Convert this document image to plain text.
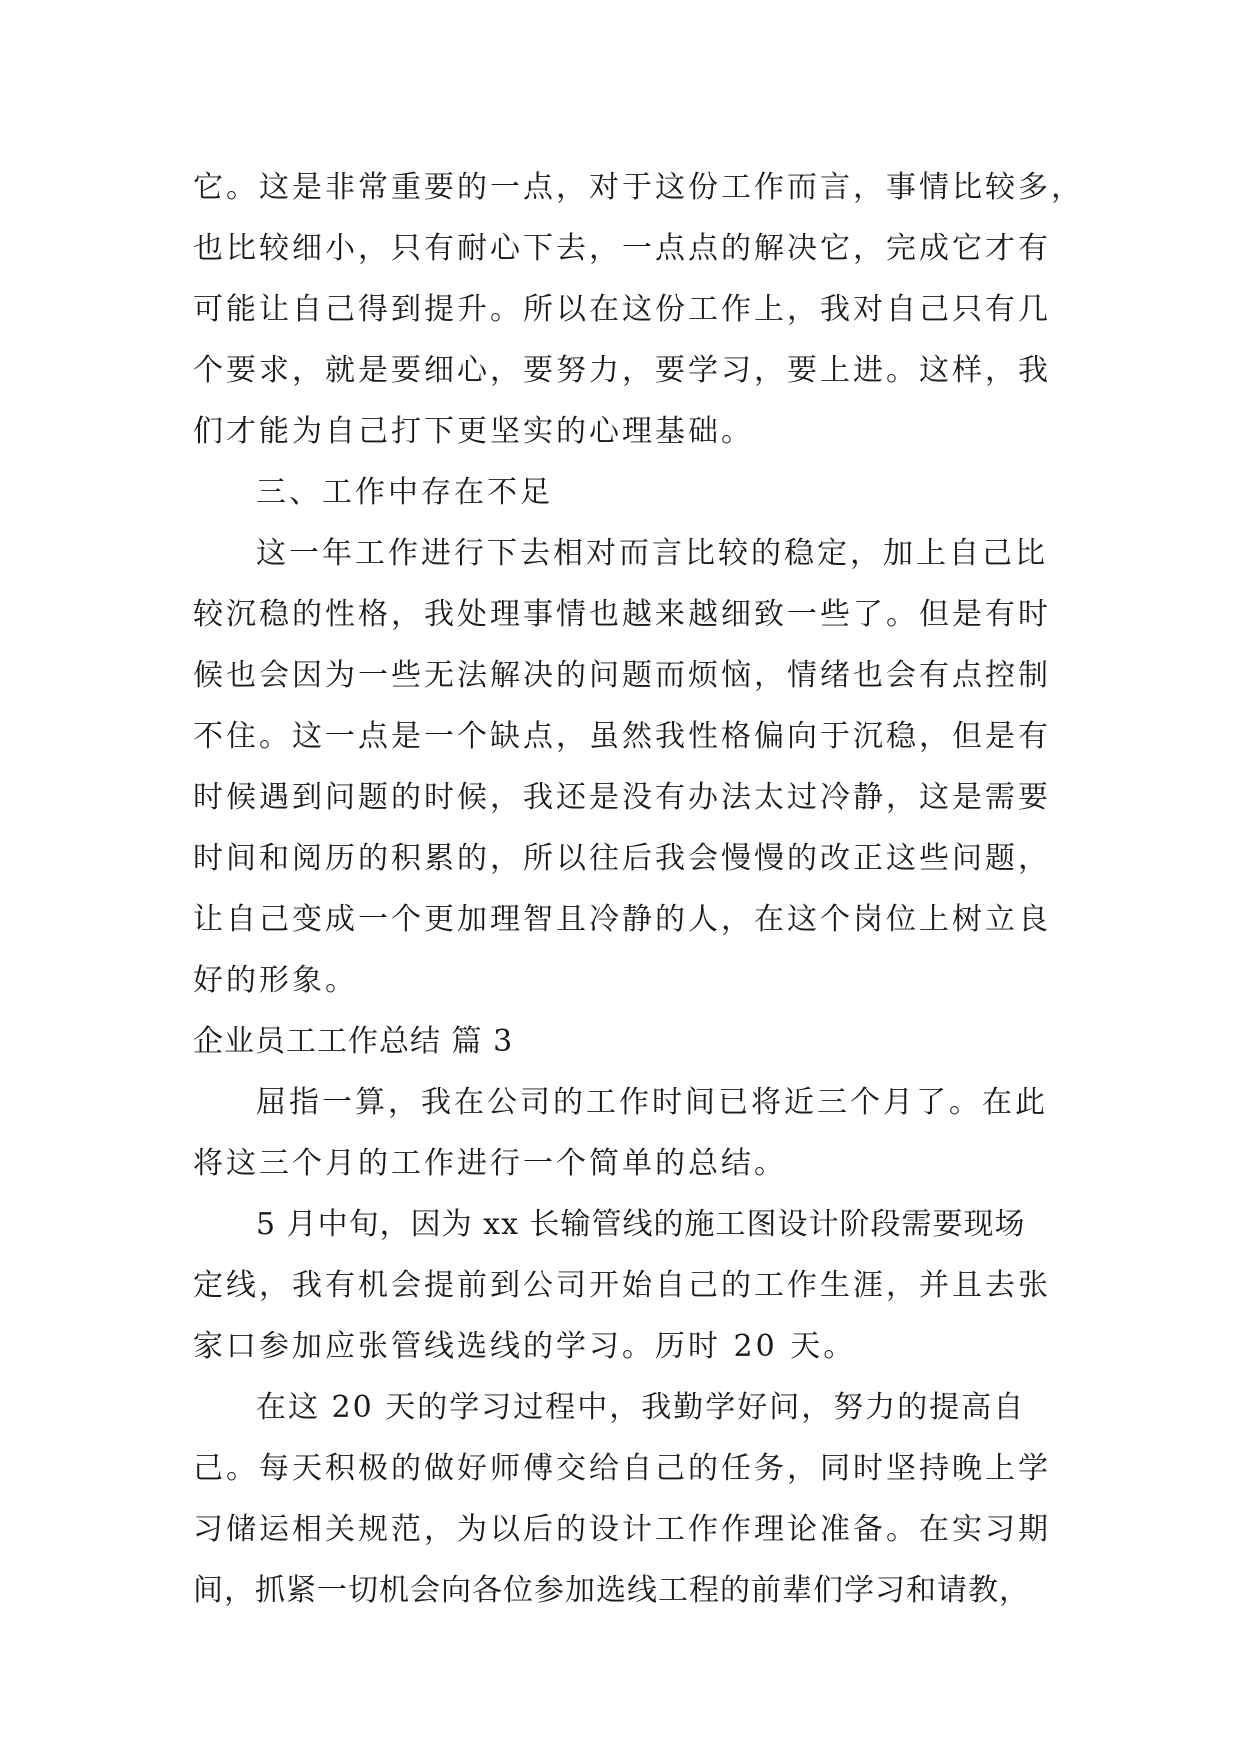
它。这是非常重要的一点，对于这份工作而言，事情比较多，
也比较细小，只有耐心下去，一点点的解决它，完成它才有
可能让自己得到提升。所以在这份工作上，我对自己只有几
个要求，就是要细心，要努力，要学习，要上进。这样，我
们才能为自己打下更坚实的心理基础。
三、工作中存在不足
这一年工作进行下去相对而言比较的稳定，加上自己比
较沉稳的性格，我处理事情也越来越细致一些了。但是有时
候也会因为一些无法解决的问题而烦恼，情绪也会有点控制
不住。这一点是一个缺点，虽然我性格偏向于沉稳，但是有
时候遇到问题的时候，我还是没有办法太过冷静，这是需要
时间和阅历的积累的，所以往后我会慢慢的改正这些问题，
让自己变成一个更加理智且冷静的人，在这个岗位上树立良
好的形象。
企业员工工作总结 篇 3
屈指一算，我在公司的工作时间已将近三个月了。在此
将这三个月的工作进行一个简单的总结。
5 月中旬，因为 xx 长输管线的施工图设计阶段需要现场
定线，我有机会提前到公司开始自己的工作生涯，并且去张
家口参加应张管线选线的学习。历时 20 天。
在这 20 天的学习过程中，我勤学好问，努力的提高自
己。每天积极的做好师傅交给自己的任务，同时坚持晚上学
习储运相关规范，为以后的设计工作作理论准备。在实习期
间，抓紧一切机会向各位参加选线工程的前辈们学习和请教，
